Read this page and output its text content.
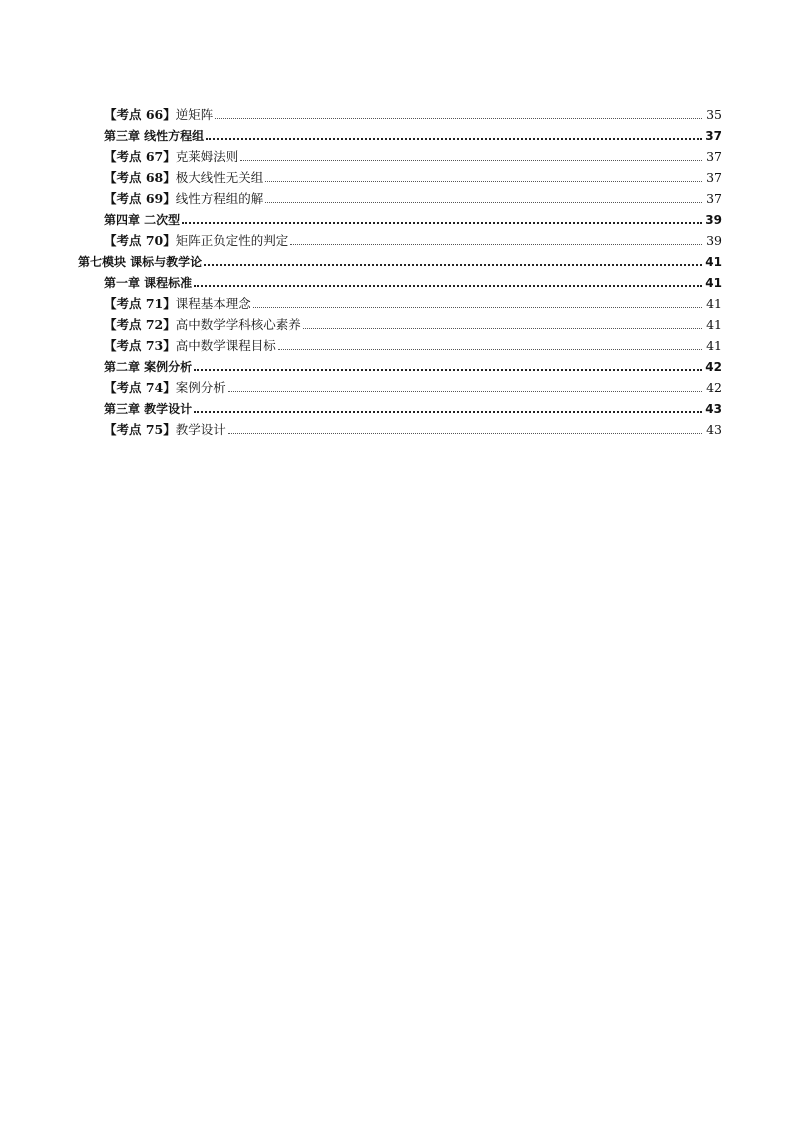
【考点 66】逆矩阵	35
第三章 线性方程组	37
【考点 67】克莱姆法则	37
【考点 68】极大线性无关组	37
【考点 69】线性方程组的解	37
第四章 二次型	39
【考点 70】矩阵正负定性的判定	39
第七模块 课标与教学论	41
第一章 课程标准	41
【考点 71】课程基本理念	41
【考点 72】高中数学学科核心素养	41
【考点 73】高中数学课程目标	41
第二章 案例分析	42
【考点 74】案例分析	42
第三章 教学设计	43
【考点 75】教学设计	43
